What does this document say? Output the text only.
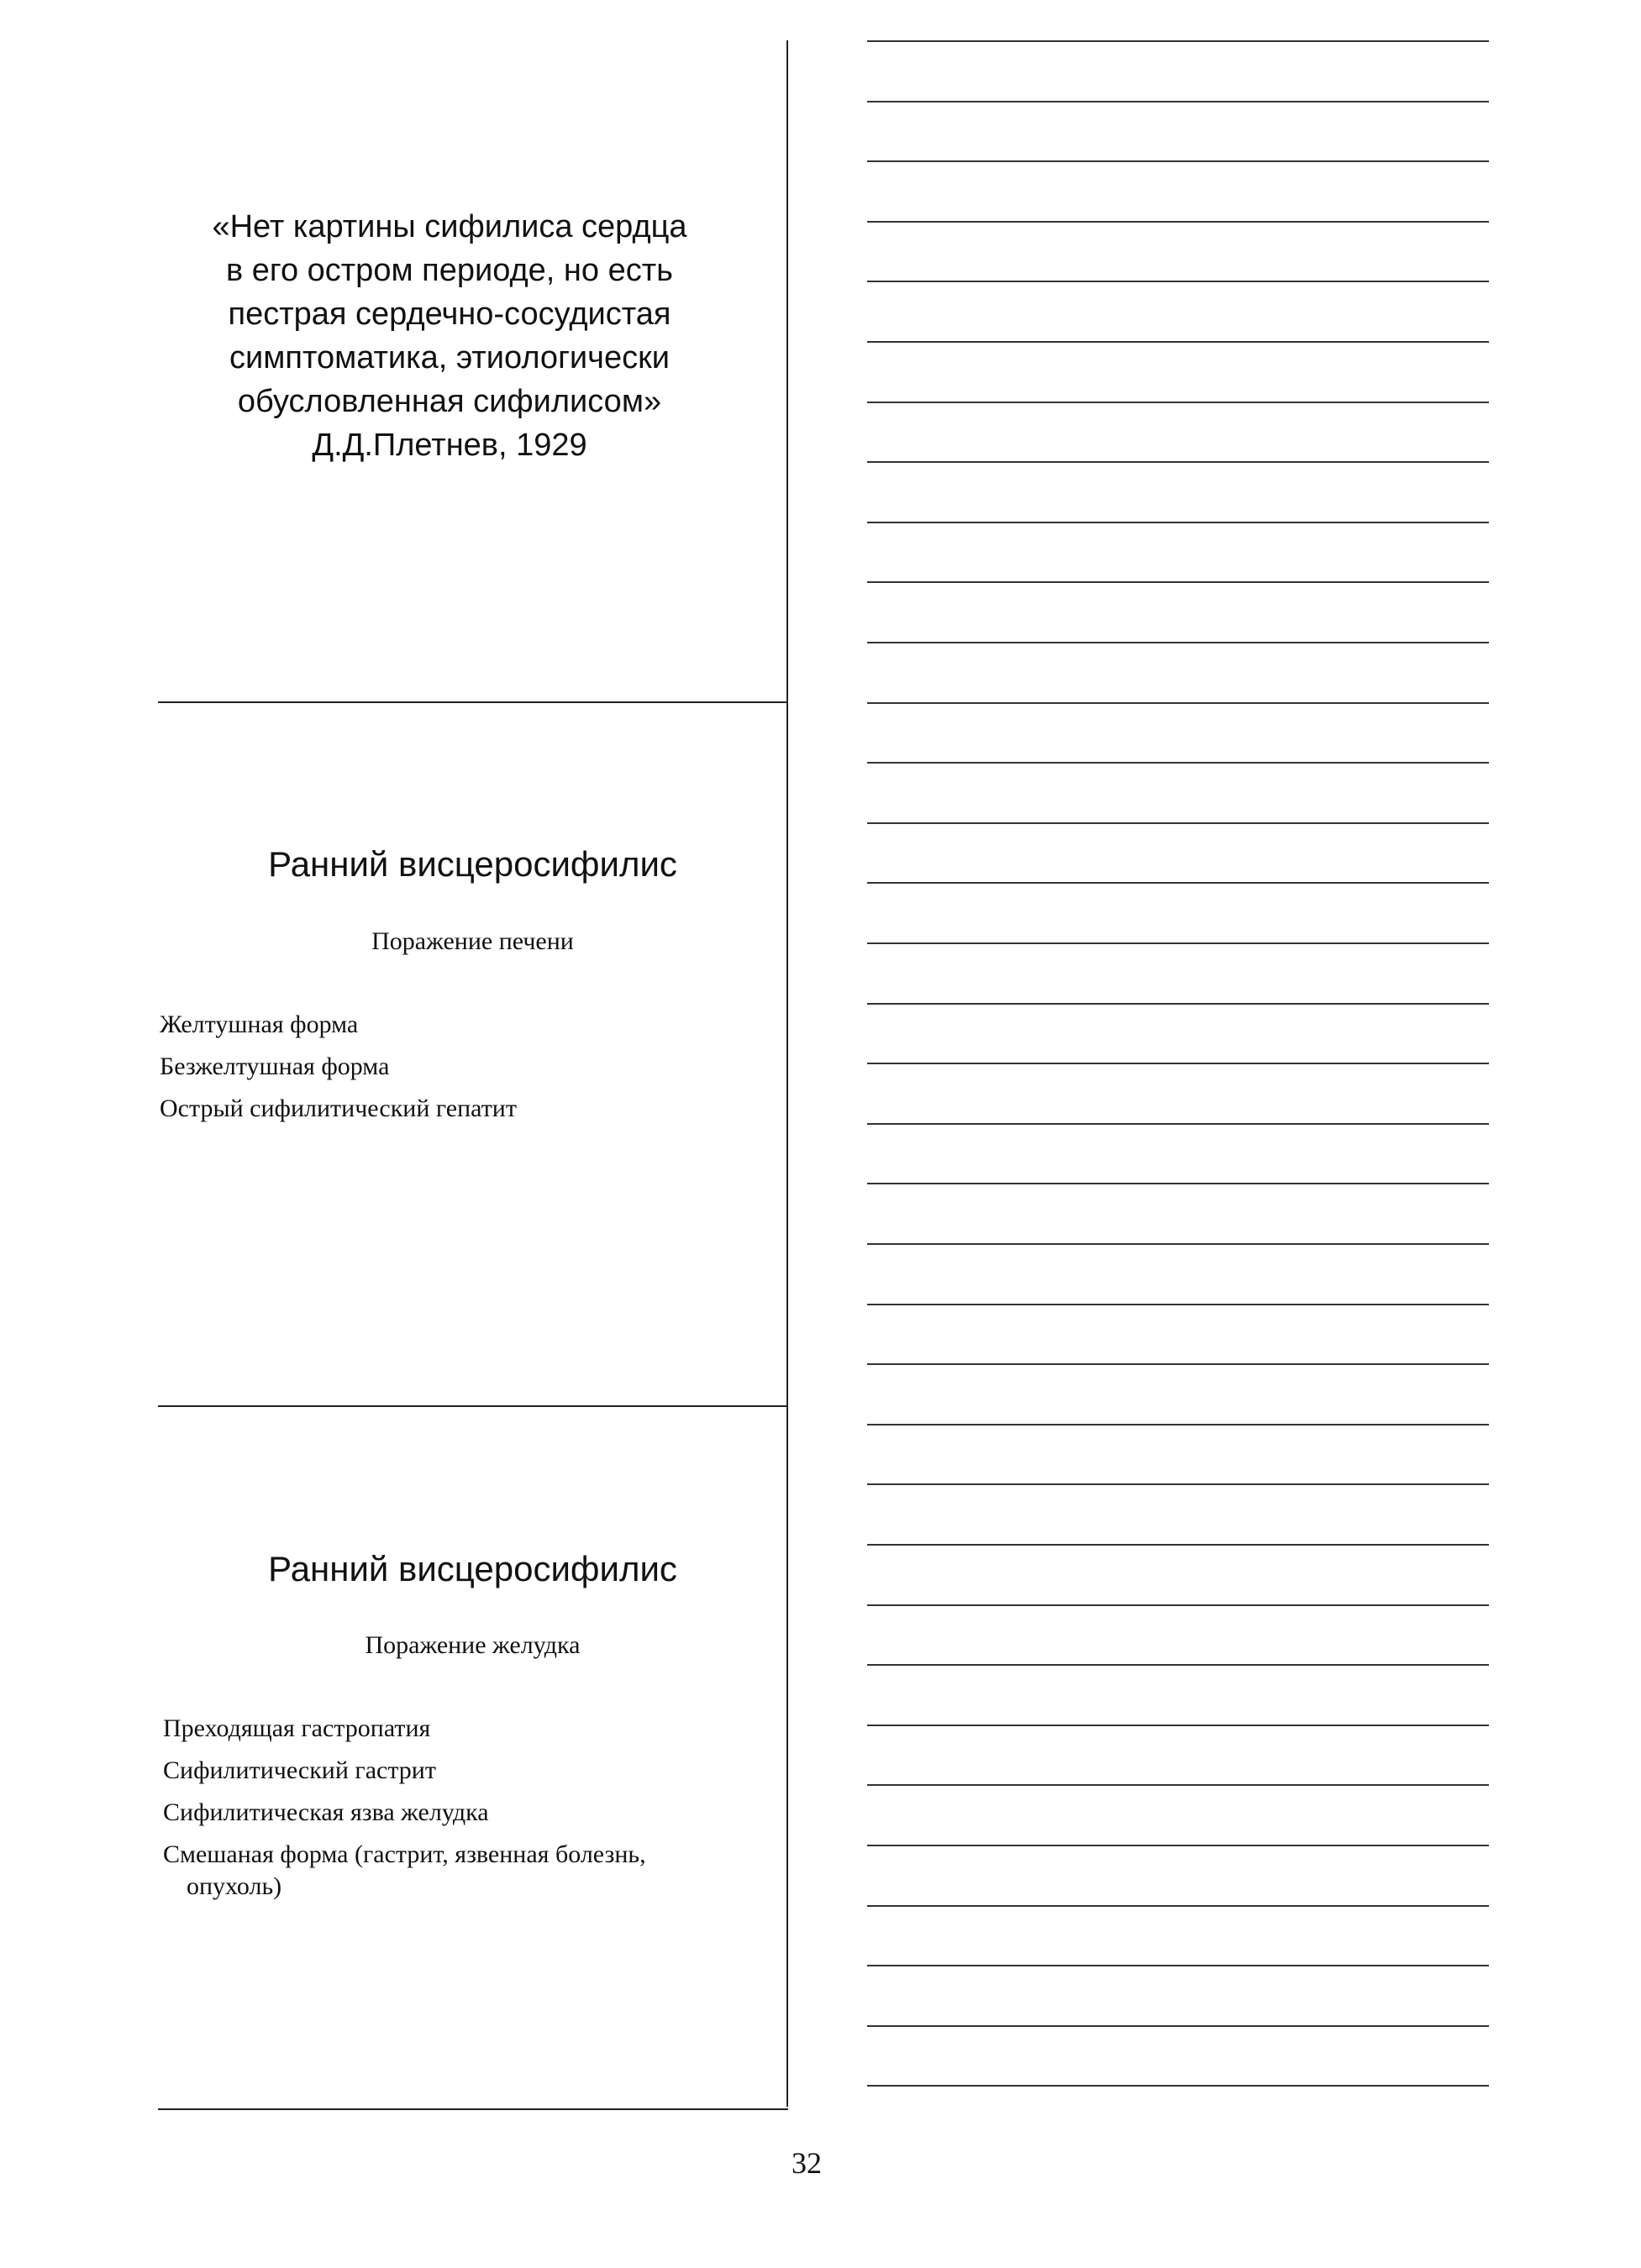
«Нет картины сифилиса сердца
в его остром периоде, но есть
пестрая сердечно-сосудистая
симптоматика, этиологически
обусловленная сифилисом»
Д.Д.Плетнев, 1929
Ранний висцеросифилис
Поражение печени
Желтушная форма
Безжелтушная форма
Острый сифилитический гепатит
Ранний висцеросифилис
Поражение желудка
Преходящая гастропатия
Сифилитический гастрит
Сифилитическая язва желудка
Смешаная форма (гастрит, язвенная болезнь,
опухоль)
32
